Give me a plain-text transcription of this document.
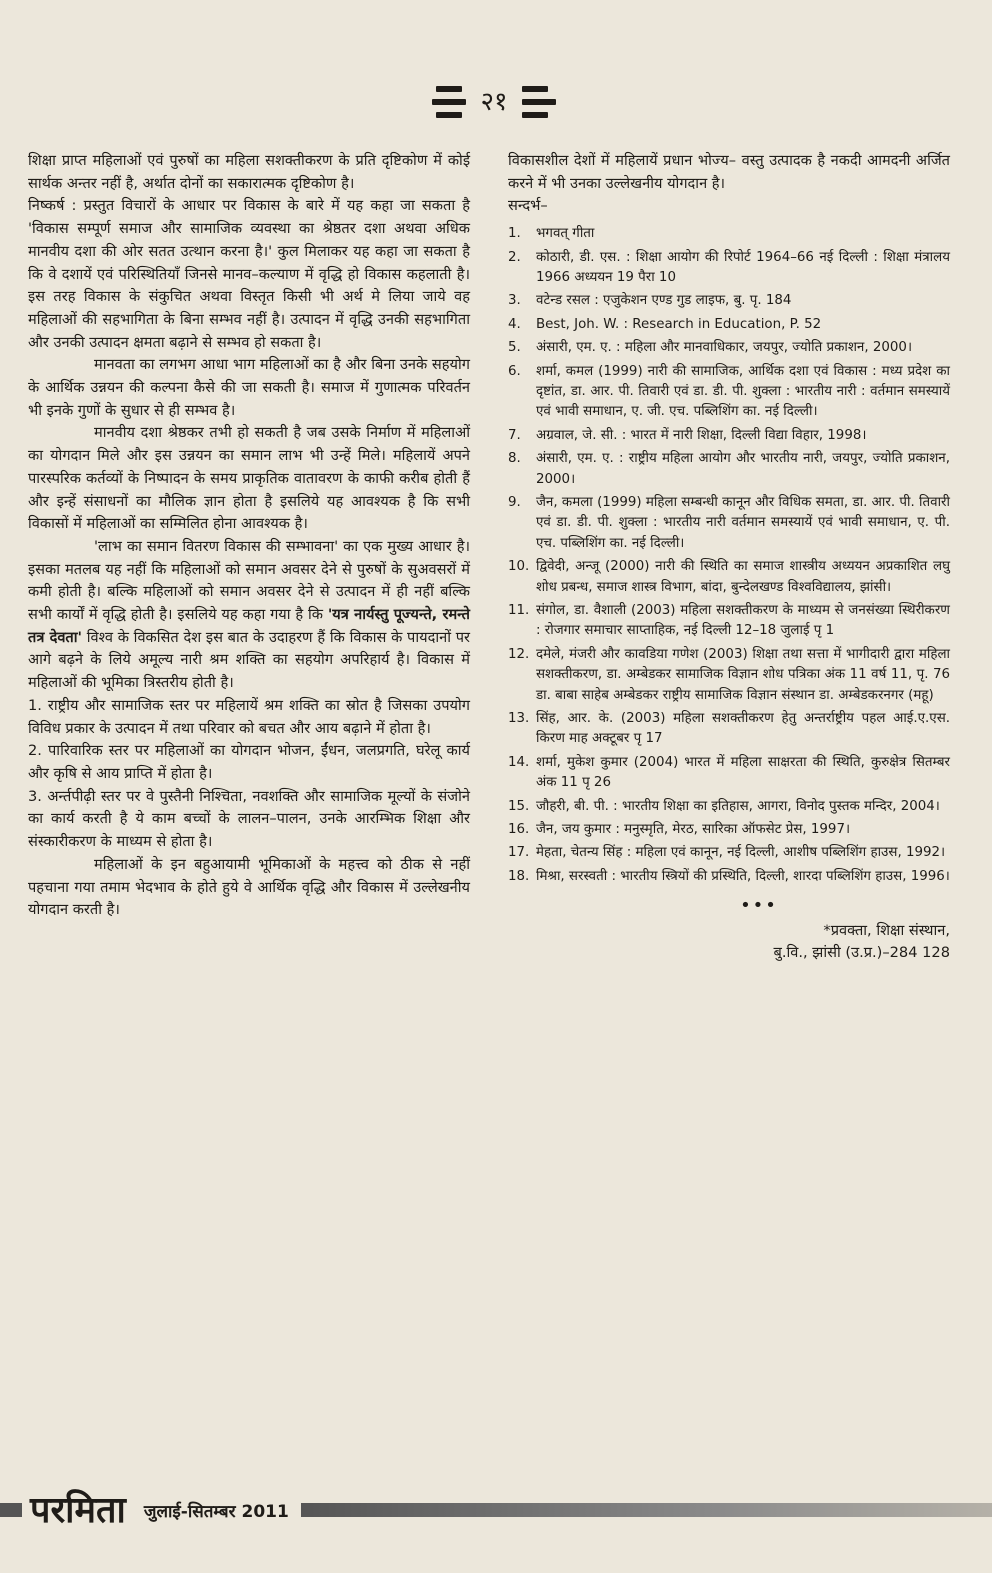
२१

शिक्षा प्राप्त महिलाओं एवं पुरुषों का महिला सशक्तीकरण के प्रति दृष्टिकोण में कोई सार्थक अन्तर नहीं है, अर्थात दोनों का सकारात्मक दृष्टिकोण है।

निष्कर्ष : प्रस्तुत विचारों के आधार पर विकास के बारे में यह कहा जा सकता है 'विकास सम्पूर्ण समाज और सामाजिक व्यवस्था का श्रेष्ठतर दशा अथवा अधिक मानवीय दशा की ओर सतत उत्थान करना है।' कुल मिलाकर यह कहा जा सकता है कि वे दशायें एवं परिस्थितियाँ जिनसे मानव–कल्याण में वृद्धि हो विकास कहलाती है। इस तरह विकास के संकुचित अथवा विस्तृत किसी भी अर्थ मे लिया जाये वह महिलाओं की सहभागिता के बिना सम्भव नहीं है। उत्पादन में वृद्धि उनकी सहभागिता और उनकी उत्पादन क्षमता बढ़ाने से सम्भव हो सकता है।

मानवता का लगभग आधा भाग महिलाओं का है और बिना उनके सहयोग के आर्थिक उन्नयन की कल्पना कैसे की जा सकती है। समाज में गुणात्मक परिवर्तन भी इनके गुणों के सुधार से ही सम्भव है।

मानवीय दशा श्रेष्ठकर तभी हो सकती है जब उसके निर्माण में महिलाओं का योगदान मिले और इस उन्नयन का समान लाभ भी उन्हें मिले। महिलायें अपने पारस्परिक कर्तव्यों के निष्पादन के समय प्राकृतिक वातावरण के काफी करीब होती हैं और इन्हें संसाधनों का मौलिक ज्ञान होता है इसलिये यह आवश्यक है कि सभी विकासों में महिलाओं का सम्मिलित होना आवश्यक है।

'लाभ का समान वितरण विकास की सम्भावना' का एक मुख्य आधार है। इसका मतलब यह नहीं कि महिलाओं को समान अवसर देने से पुरुषों के सुअवसरों में कमी होती है। बल्कि महिलाओं को समान अवसर देने से उत्पादन में ही नहीं बल्कि सभी कार्यों में वृद्धि होती है। इसलिये यह कहा गया है कि 'यत्र नार्यस्तु पूज्यन्ते, रमन्ते तत्र देवता' विश्व के विकसित देश इस बात के उदाहरण हैं कि विकास के पायदानों पर आगे बढ़ने के लिये अमूल्य नारी श्रम शक्ति का सहयोग अपरिहार्य है। विकास में महिलाओं की भूमिका त्रिस्तरीय होती है।

1. राष्ट्रीय और सामाजिक स्तर पर महिलायें श्रम शक्ति का स्रोत है जिसका उपयोग विविध प्रकार के उत्पादन में तथा परिवार को बचत और आय बढ़ाने में होता है।

2. पारिवारिक स्तर पर महिलाओं का योगदान भोजन, ईंधन, जलप्रगति, घरेलू कार्य और कृषि से आय प्राप्ति में होता है।

3. अर्न्तपीढ़ी स्तर पर वे पुस्तैनी निश्चिता, नवशक्ति और सामाजिक मूल्यों के संजोने का कार्य करती है ये काम बच्चों के लालन–पालन, उनके आरम्भिक शिक्षा और संस्कारीकरण के माध्यम से होता है।

महिलाओं के इन बहुआयामी भूमिकाओं के महत्त्व को ठीक से नहीं पहचाना गया तमाम भेदभाव के होते हुये वे आर्थिक वृद्धि और विकास में उल्लेखनीय योगदान करती है।

विकासशील देशों में महिलायें प्रधान भोज्य– वस्तु उत्पादक है नकदी आमदनी अर्जित करने में भी उनका उल्लेखनीय योगदान है।

सन्दर्भ–

1.	भगवत् गीता
2.	कोठारी, डी. एस. : शिक्षा आयोग की रिपोर्ट 1964–66 नई दिल्ली : शिक्षा मंत्रालय 1966 अध्ययन 19 पैरा 10
3.	वटेन्ड रसल : एजुकेशन एण्ड गुड लाइफ, बु. पृ. 184
4.	Best, Joh. W. : Research in Education, P. 52
5.	अंसारी, एम. ए. : महिला और मानवाधिकार, जयपुर, ज्योति प्रकाशन, 2000।
6.	शर्मा, कमल (1999) नारी की सामाजिक, आर्थिक दशा एवं विकास : मध्य प्रदेश का दृष्टांत, डा. आर. पी. तिवारी एवं डा. डी. पी. शुक्ला : भारतीय नारी : वर्तमान समस्यायें एवं भावी समाधान, ए. जी. एच. पब्लिशिंग का. नई दिल्ली।
7.	अग्रवाल, जे. सी. : भारत में नारी शिक्षा, दिल्ली विद्या विहार, 1998।
8.	अंसारी, एम. ए. : राष्ट्रीय महिला आयोग और भारतीय नारी, जयपुर, ज्योति प्रकाशन, 2000।
9.	जैन, कमला (1999) महिला सम्बन्धी कानून और विधिक समता, डा. आर. पी. तिवारी एवं डा. डी. पी. शुक्ला : भारतीय नारी वर्तमान समस्यायें एवं भावी समाधान, ए. पी. एच. पब्लिशिंग का. नई दिल्ली।
10. द्विवेदी, अन्जू (2000) नारी की स्थिति का समाज शास्त्रीय अध्ययन अप्रकाशित लघु शोध प्रबन्ध, समाज शास्त्र विभाग, बांदा, बुन्देलखण्ड विश्वविद्यालय, झांसी।
11. संगोल, डा. वैशाली (2003) महिला सशक्तीकरण के माध्यम से जनसंख्या स्थिरीकरण : रोजगार समाचार साप्ताहिक, नई दिल्ली 12–18 जुलाई पृ 1
12. दमेले, मंजरी और कावडिया गणेश (2003) शिक्षा तथा सत्ता में भागीदारी द्वारा महिला सशक्तीकरण, डा. अम्बेडकर सामाजिक विज्ञान शोध पत्रिका अंक 11 वर्ष 11, पृ. 76 डा. बाबा साहेब अम्बेडकर राष्ट्रीय सामाजिक विज्ञान संस्थान डा. अम्बेडकरनगर (महू)
13. सिंह, आर. के. (2003) महिला सशक्तीकरण हेतु अन्तर्राष्ट्रीय पहल आई.ए.एस. किरण माह अक्टूबर पृ 17
14. शर्मा, मुकेश कुमार (2004) भारत में महिला साक्षरता की स्थिति, कुरुक्षेत्र सितम्बर अंक 11 पृ 26
15. जौहरी, बी. पी. : भारतीय शिक्षा का इतिहास, आगरा, विनोद पुस्तक मन्दिर, 2004।
16. जैन, जय कुमार : मनुस्मृति, मेरठ, सारिका ऑफसेट प्रेस, 1997।
17. मेहता, चेतन्य सिंह : महिला एवं कानून, नई दिल्ली, आशीष पब्लिशिंग हाउस, 1992।
18. मिश्रा, सरस्वती : भारतीय स्त्रियों की प्रस्थिति, दिल्ली, शारदा पब्लिशिंग हाउस, 1996।
•••
*प्रवक्ता, शिक्षा संस्थान,
बु.वि., झांसी (उ.प्र.)–284 128
परमिता जुलाई-सितम्बर 2011
